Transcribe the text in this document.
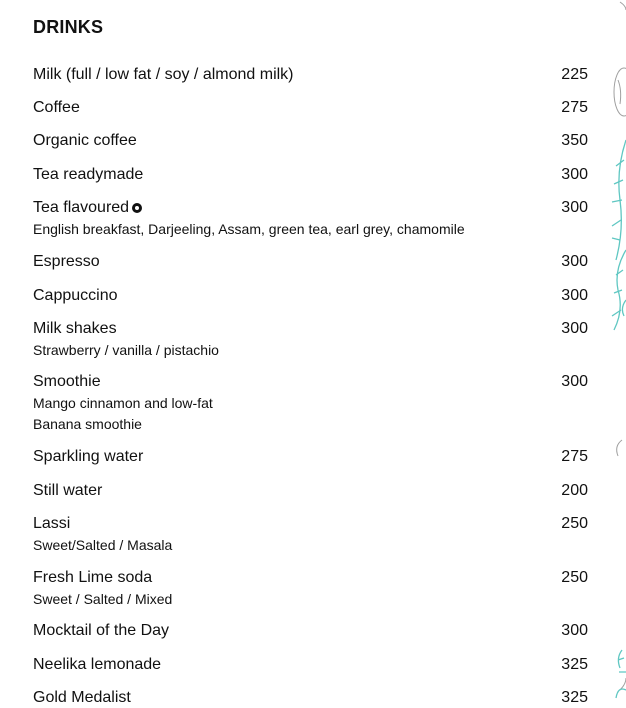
DRINKS
Milk (full / low fat / soy / almond milk)	225
Coffee	275
Organic coffee	350
Tea readymade	300
Tea flavoured	300
English breakfast, Darjeeling, Assam, green tea, earl grey, chamomile
Espresso	300
Cappuccino	300
Milk shakes	300
Strawberry / vanilla / pistachio
Smoothie	300
Mango cinnamon and low-fat
Banana smoothie
Sparkling water	275
Still water	200
Lassi	250
Sweet/Salted / Masala
Fresh Lime soda	250
Sweet / Salted / Mixed
Mocktail of the Day	300
Neelika lemonade	325
Gold Medalist	325
